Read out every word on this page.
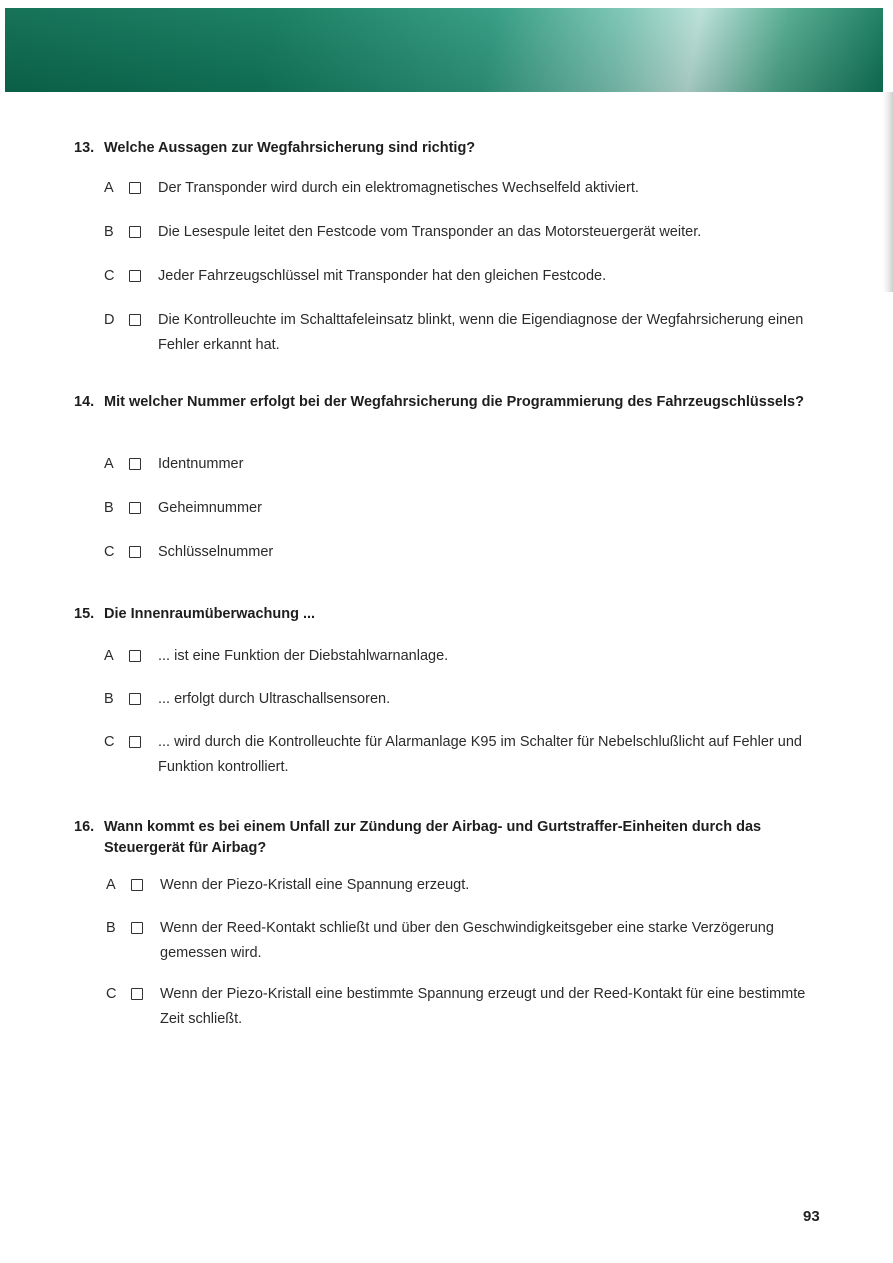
13. Welche Aussagen zur Wegfahrsicherung sind richtig?
A	Der Transponder wird durch ein elektromagnetisches Wechselfeld aktiviert.
B	Die Lesespule leitet den Festcode vom Transponder an das Motorsteuergerät weiter.
C	Jeder Fahrzeugschlüssel mit Transponder hat den gleichen Festcode.
D	Die Kontrolleuchte im Schalttafeleinsatz blinkt, wenn die Eigendiagnose der Wegfahrsicherung einen Fehler erkannt hat.
14. Mit welcher Nummer erfolgt bei der Wegfahrsicherung die Programmierung des Fahrzeugschlüssels?
A	Identnummer
B	Geheimnummer
C	Schlüsselnummer
15. Die Innenraumüberwachung ...
A	... ist eine Funktion der Diebstahlwarnanlage.
B	... erfolgt durch Ultraschallsensoren.
C	... wird durch die Kontrolleuchte für Alarmanlage K95 im Schalter für Nebelschlußlicht auf Fehler und Funktion kontrolliert.
16. Wann kommt es bei einem Unfall zur Zündung der Airbag- und Gurtstraffer-Einheiten durch das Steuergerät für Airbag?
A	Wenn der Piezo-Kristall eine Spannung erzeugt.
B	Wenn der Reed-Kontakt schließt und über den Geschwindigkeitsgeber eine starke Verzögerung gemessen wird.
C	Wenn der Piezo-Kristall eine bestimmte Spannung erzeugt und der Reed-Kontakt für eine bestimmte Zeit schließt.
93
